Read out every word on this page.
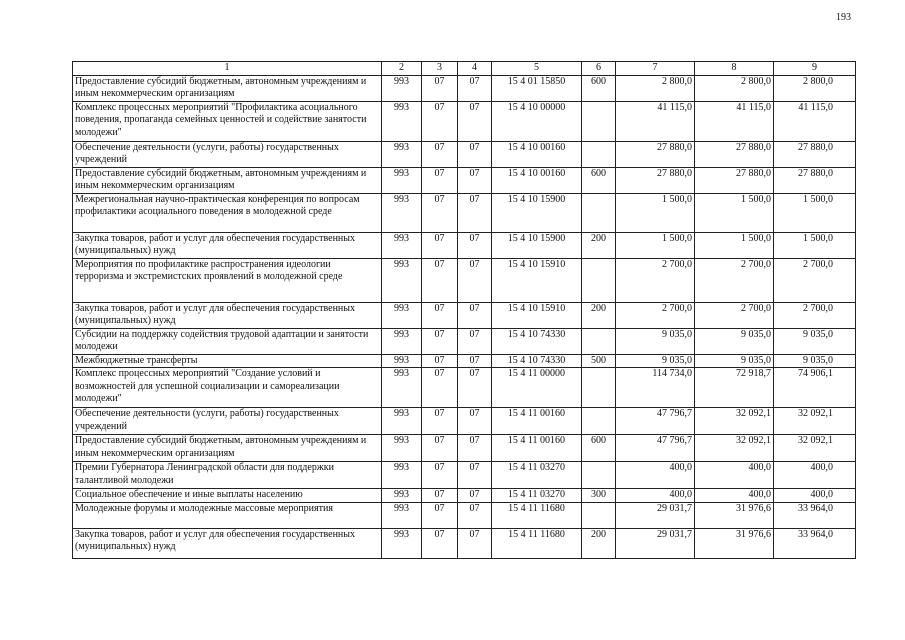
193
1	2	3	4	5	6	7	8	9
Предоставление субсидий бюджетным, автономным учреждениям и иным некоммерческим организациям	993	07	07	15 4 01 15850	600	2 800,0	2 800,0	2 800,0
Комплекс процессных мероприятий "Профилактика асоциального поведения, пропаганда семейных ценностей и содействие занятости молодежи"	993	07	07	15 4 10 00000		41 115,0	41 115,0	41 115,0
Обеспечение деятельности (услуги, работы) государственных учреждений	993	07	07	15 4 10 00160		27 880,0	27 880,0	27 880,0
Предоставление субсидий бюджетным, автономным учреждениям и иным некоммерческим организациям	993	07	07	15 4 10 00160	600	27 880,0	27 880,0	27 880,0
Межрегиональная научно-практическая конференция по вопросам профилактики асоциального поведения в молодежной среде	993	07	07	15 4 10 15900		1 500,0	1 500,0	1 500,0
Закупка товаров, работ и услуг для обеспечения государственных (муниципальных) нужд	993	07	07	15 4 10 15900	200	1 500,0	1 500,0	1 500,0
Мероприятия по профилактике распространения идеологии терроризма и экстремистских проявлений в молодежной среде	993	07	07	15 4 10 15910		2 700,0	2 700,0	2 700,0
Закупка товаров, работ и услуг для обеспечения государственных (муниципальных) нужд	993	07	07	15 4 10 15910	200	2 700,0	2 700,0	2 700,0
Субсидии на поддержку содействия трудовой адаптации и занятости молодежи	993	07	07	15 4 10 74330		9 035,0	9 035,0	9 035,0
Межбюджетные трансферты	993	07	07	15 4 10 74330	500	9 035,0	9 035,0	9 035,0
Комплекс процессных мероприятий "Создание условий и возможностей для успешной социализации и самореализации молодежи"	993	07	07	15 4 11 00000		114 734,0	72 918,7	74 906,1
Обеспечение деятельности (услуги, работы) государственных учреждений	993	07	07	15 4 11 00160		47 796,7	32 092,1	32 092,1
Предоставление субсидий бюджетным, автономным учреждениям и иным некоммерческим организациям	993	07	07	15 4 11 00160	600	47 796,7	32 092,1	32 092,1
Премии Губернатора Ленинградской области для поддержки талантливой молодежи	993	07	07	15 4 11 03270		400,0	400,0	400,0
Социальное обеспечение и иные выплаты населению	993	07	07	15 4 11 03270	300	400,0	400,0	400,0
Молодежные форумы и молодежные массовые мероприятия	993	07	07	15 4 11 11680		29 031,7	31 976,6	33 964,0
Закупка товаров, работ и услуг для обеспечения государственных (муниципальных) нужд	993	07	07	15 4 11 11680	200	29 031,7	31 976,6	33 964,0
